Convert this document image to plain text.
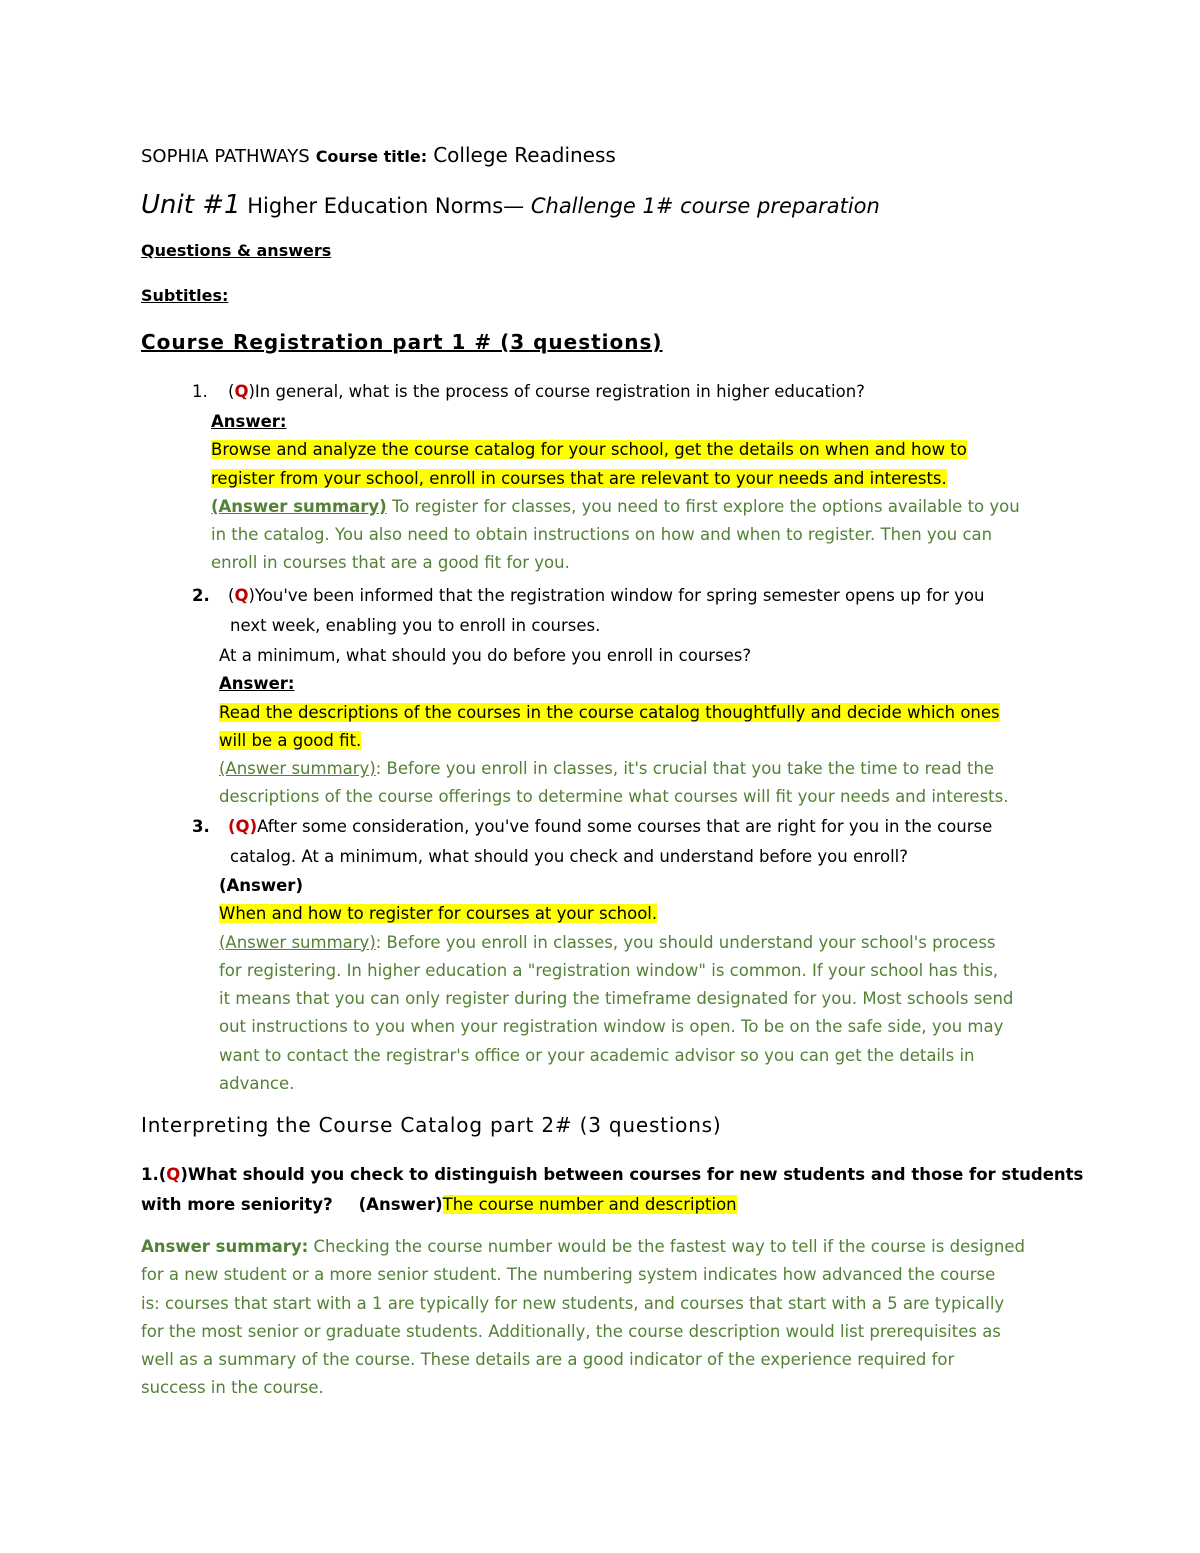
SOPHIA PATHWAYS Course title: College Readiness
Unit #1 Higher Education Norms— Challenge 1# course preparation
Questions & answers
Subtitles:
Course Registration part 1 # (3 questions)
1. (Q)In general, what is the process of course registration in higher education?
Answer:
Browse and analyze the course catalog for your school, get the details on when and how to
register from your school, enroll in courses that are relevant to your needs and interests.
(Answer summary) To register for classes, you need to first explore the options available to you
in the catalog. You also need to obtain instructions on how and when to register. Then you can
enroll in courses that are a good fit for you.
2. (Q)You've been informed that the registration window for spring semester opens up for you
next week, enabling you to enroll in courses.
At a minimum, what should you do before you enroll in courses?
Answer:
Read the descriptions of the courses in the course catalog thoughtfully and decide which ones
will be a good fit.
(Answer summary): Before you enroll in classes, it's crucial that you take the time to read the
descriptions of the course offerings to determine what courses will fit your needs and interests.
3. (Q)After some consideration, you've found some courses that are right for you in the course
catalog. At a minimum, what should you check and understand before you enroll?
(Answer)
When and how to register for courses at your school.
(Answer summary): Before you enroll in classes, you should understand your school's process
for registering. In higher education a "registration window" is common. If your school has this,
it means that you can only register during the timeframe designated for you. Most schools send
out instructions to you when your registration window is open. To be on the safe side, you may
want to contact the registrar's office or your academic advisor so you can get the details in
advance.
Interpreting the Course Catalog part 2# (3 questions)
1.(Q)What should you check to distinguish between courses for new students and those for students
with more seniority? (Answer)The course number and description
Answer summary: Checking the course number would be the fastest way to tell if the course is designed
for a new student or a more senior student. The numbering system indicates how advanced the course
is: courses that start with a 1 are typically for new students, and courses that start with a 5 are typically
for the most senior or graduate students. Additionally, the course description would list prerequisites as
well as a summary of the course. These details are a good indicator of the experience required for
success in the course.
